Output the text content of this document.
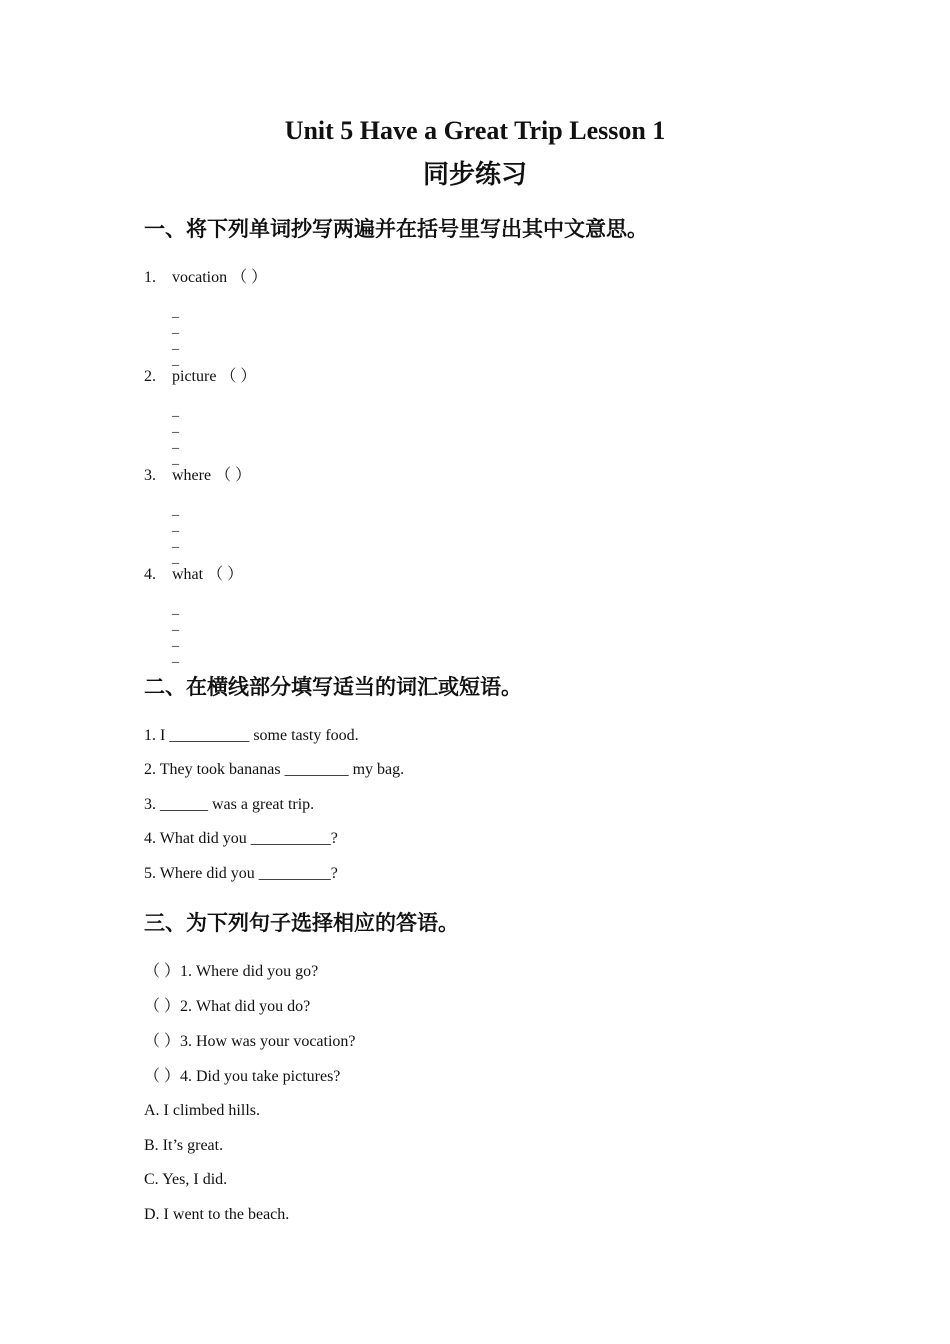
Unit 5 Have a Great Trip Lesson 1
同步练习
一、将下列单词抄写两遍并在括号里写出其中文意思。
1. vocation （ ）
_
_
_
_
2. picture （ ）
_
_
_
_
3. where （ ）
_
_
_
_
4. what （ ）
_
_
_
_
二、在横线部分填写适当的词汇或短语。
1. I __________ some tasty food.
2. They took bananas ________ my bag.
3. ______ was a great trip.
4. What did you __________?
5. Where did you _________?
三、为下列句子选择相应的答语。
（ ）1. Where did you go?
（ ）2. What did you do?
（ ）3. How was your vocation?
（ ）4. Did you take pictures?
A. I climbed hills.
B. It’s great.
C. Yes, I did.
D. I went to the beach.
